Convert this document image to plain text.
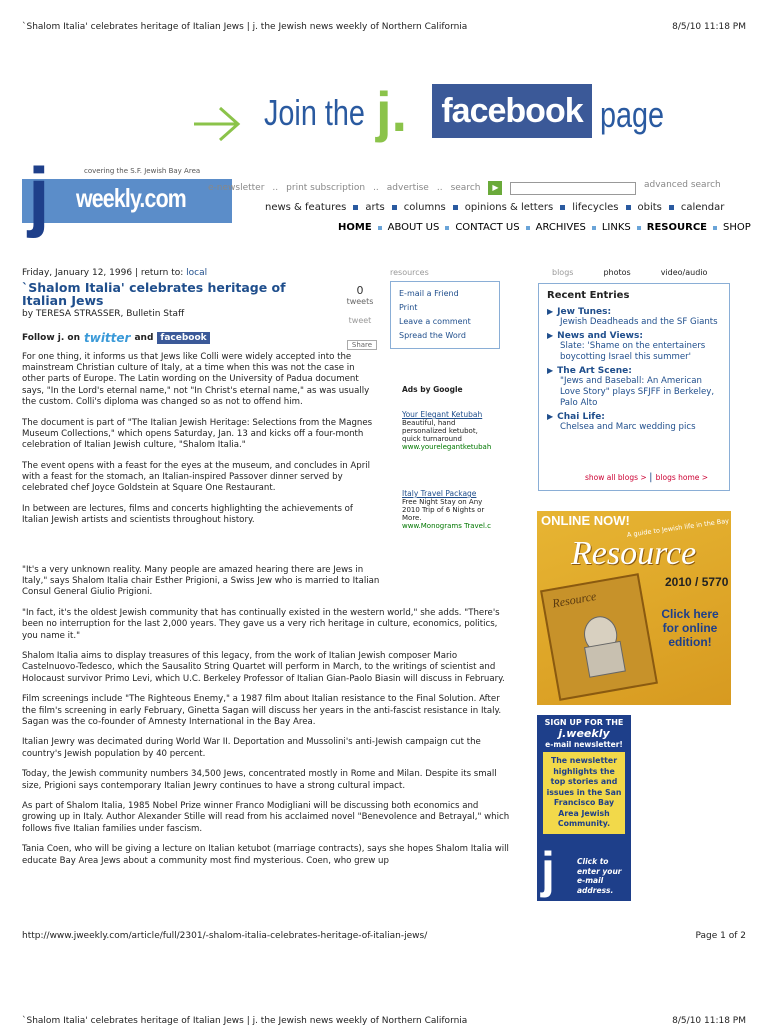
`Shalom Italia' celebrates heritage of Italian Jews | j. the Jewish news weekly of Northern California	8/5/10 11:18 PM
Join the j. facebook page
covering the S.F. Jewish Bay Area
j weekly.com e-newsletter .. print subscription .. advertise .. search	▶	advanced search
news & features arts columns opinions & letters lifecycles obits calendar
HOME ABOUT US CONTACT US ARCHIVES LINKS RESOURCE SHOP
Friday, January 12, 1996 | return to: local
`Shalom Italia' celebrates heritage of Italian Jews
by TERESA STRASSER, Bulletin Staff
Follow j. on twitter and facebook
0
tweets
tweet
Share
resources
E-mail a Friend
Print
Leave a comment
Spread the Word
Ads by Google
Your Elegant Ketubah
Beautiful, hand personalized ketubot, quick turnaround
www.yourelegantketubah
Italy Travel Package
Free Night Stay on Any 2010 Trip of 6 Nights or More.
www.Monograms Travel.c

For one thing, it informs us that Jews like Colli were widely accepted into the mainstream Christian culture of Italy, at a time when this was not the case in other parts of Europe. The Latin wording on the University of Padua document says, "In the Lord's eternal name," not "In Christ's eternal name," as was usually the custom. Colli's diploma was changed so as not to offend him.

The document is part of "The Italian Jewish Heritage: Selections from the Magnes Museum Collections," which opens Saturday, Jan. 13 and kicks off a four-month celebration of Italian Jewish culture, "Shalom Italia."

The event opens with a feast for the eyes at the museum, and concludes in April with a feast for the stomach, an Italian-inspired Passover dinner served by celebrated chef Joyce Goldstein at Square One Restaurant.

In between are lectures, films and concerts highlighting the achievements of Italian Jewish artists and scientists throughout history.

"It's a very unknown reality. Many people are amazed hearing there are Jews in Italy," says Shalom Italia chair Esther Prigioni, a Swiss Jew who is married to Italian Consul General Giulio Prigioni.

"In fact, it's the oldest Jewish community that has continually existed in the western world," she adds. "There's been no interruption for the last 2,000 years. They gave us a very rich heritage in culture, economics, politics, you name it."

Shalom Italia aims to display treasures of this legacy, from the work of Italian Jewish composer Mario Castelnuovo-Tedesco, which the Sausalito String Quartet will perform in March, to the writings of scientist and Holocaust survivor Primo Levi, which U.C. Berkeley Professor of Italian Gian-Paolo Biasin will discuss in February.

Film screenings include "The Righteous Enemy," a 1987 film about Italian resistance to the Final Solution. After the film's screening in early February, Ginetta Sagan will discuss her years in the anti-fascist resistance in Italy. Sagan was the co-founder of Amnesty International in the Bay Area.

Italian Jewry was decimated during World War II. Deportation and Mussolini's anti-Jewish campaign cut the country's Jewish population by 40 percent.

Today, the Jewish community numbers 34,500 Jews, concentrated mostly in Rome and Milan. Despite its small size, Prigioni says contemporary Italian Jewry continues to have a strong cultural impact.

As part of Shalom Italia, 1985 Nobel Prize winner Franco Modigliani will be discussing both economics and growing up in Italy. Author Alexander Stille will read from his acclaimed novel "Benevolence and Betrayal," which follows five Italian families under fascism.

Tania Coen, who will be giving a lecture on Italian ketubot (marriage contracts), says she hopes Shalom Italia will educate Bay Area Jews about a community most find mysterious. Coen, who grew up

blogs	photos	video/audio
Recent Entries
▶ Jew Tunes:
Jewish Deadheads and the SF Giants
▶ News and Views:
Slate: 'Shame on the entertainers boycotting Israel this summer'
▶ The Art Scene:
"Jews and Baseball: An American Love Story" plays SFJFF in Berkeley, Palo Alto
▶ Chai Life:
Chelsea and Marc wedding pics
show all blogs > | blogs home >
ONLINE NOW!
A guide to Jewish life in the Bay Area
Resource
2010 / 5770
Resource
Click here for online edition!
SIGN UP FOR THE
j.weekly
e-mail newsletter!
The newsletter highlights the top stories and issues in the San Francisco Bay Area Jewish Community.
j	Click to enter your e-mail address.
http://www.jweekly.com/article/full/2301/-shalom-italia-celebrates-heritage-of-italian-jews/	Page 1 of 2
`Shalom Italia' celebrates heritage of Italian Jews | j. the Jewish news weekly of Northern California	8/5/10 11:18 PM
